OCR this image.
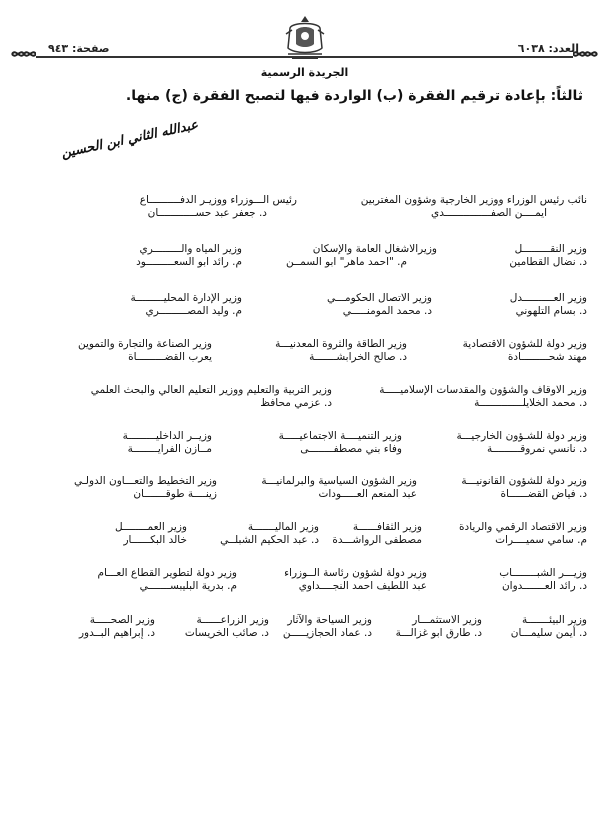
العدد: ٦٠٣٨
صفحة: ٩٤٣
الجريدة الرسمية
ثالثاً: بإعادة ترقيم الفقرة (ب) الواردة فيها لتصبح الفقرة (ج) منها.
عبدالله الثاني ابن الحسين
نائب رئيس الوزراء ووزير الخارجية وشؤون المغتربين
ايمــــن الصفـــــــــــــــدي
رئيس الـــوزراء ووزيـر الدفــــــــــاع
د. جعفر عبد حســــــــــــان
وزير النقـــــــــل
د. نضال القطامين
وزيرالاشغال العامة والإسكان
م. "احمد ماهر" ابو السمــن
وزير المياه والـــــــــري
م. رائد ابو السعـــــــــود
وزير العــــــــــدل
د. بسام التلهوني
وزير الاتصال الحكومـــي
د. محمد المومنـــــي
وزير الإدارة المحليـــــــــة
م. وليد المصـــــــــري
وزير دولة للشؤون الاقتصادية
مهند شحـــــــــادة
وزير الطاقة والثروة المعدنيـــة
د. صالح الخرابشـــــــة
وزير الصناعة والتجارة والتموين
يعرب القضـــــــــاة
وزير الاوقاف والشؤون والمقدسات الإسلاميـــــة
د. محمد الخلايلــــــــــــــة
وزير التربية والتعليم ووزير التعليم العالي والبحث العلمي
د. عزمي محافظ
وزير دولة للشـؤون الخارجيـــة
د. نانسي نمروقـــــــــة
وزير التنميــــة الاجتماعيـــــة
وفاء بني مصطفــــــــى
وزيــر الداخليـــــــــة
مــازن الفرايــــــــة
وزير دولة للشؤون القانونيـــة
د. فياض القضــــــاة
وزير الشؤون السياسية والبرلمانيـــة
عبد المنعم العـــــودات
وزير التخطيط والتعـــاون الدولـي
زينــــة طوقـــــــان
وزير الاقتصاد الرقمي والريادة
م. سامي سميــــرات
وزير الثقافــــــة
مصطفى الرواشـــدة
وزير الماليـــــــة
د. عبد الحكيم الشبلــي
وزير العمــــــــل
خالد البكــــــار
وزيـــر الشبــــــــاب
د. رائد العـــــــدوان
وزير دولة لشؤون رئاسة الــوزراء
عبد اللطيف احمد النجــــداوي
وزير دولة لتطوير القطاع العـــام
م. بدرية البليبســـــــي
وزير البيئـــــــة
د. أيمن سليمـــان
وزير الاستثمـــار
د. طارق ابو غزالـــة
وزير السياحة والآثار
د. عماد الحجازيـــــن
وزير الزراعــــــة
د. صائب الخريسات
وزير الصحـــــة
د. إبراهيم البــدور
